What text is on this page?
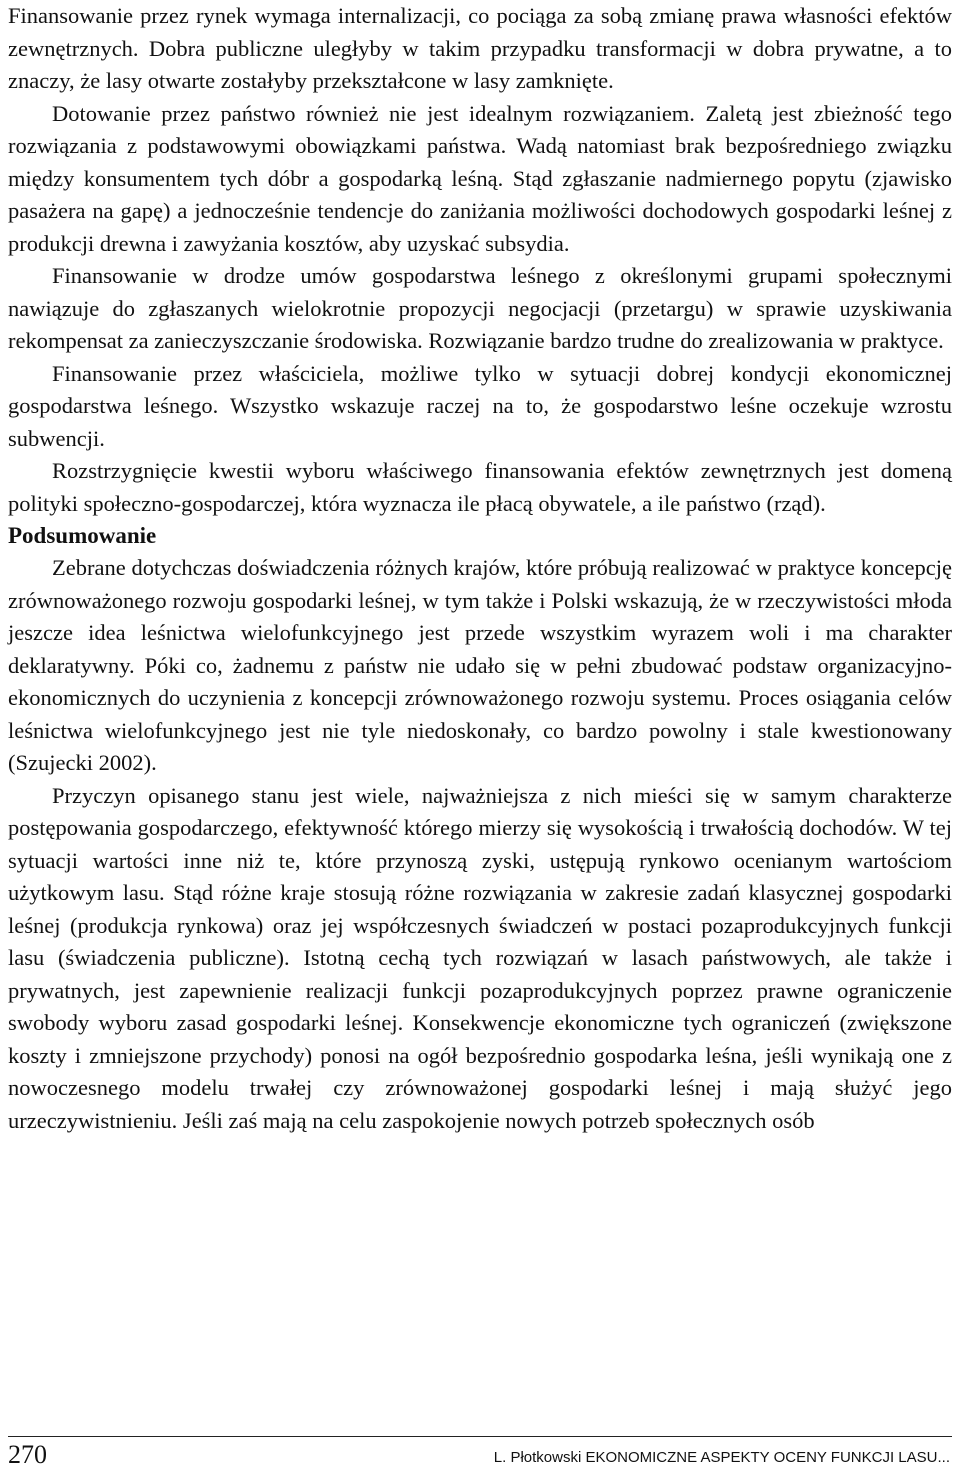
Finansowanie przez rynek wymaga internalizacji, co pociąga za sobą zmianę prawa własności efektów zewnętrznych. Dobra publiczne uległyby w takim przypadku transformacji w dobra prywatne, a to znaczy, że lasy otwarte zostałyby przekształcone w lasy zamknięte.

Dotowanie przez państwo również nie jest idealnym rozwiązaniem. Zaletą jest zbieżność tego rozwiązania z podstawowymi obowiązkami państwa. Wadą natomiast brak bezpośredniego związku między konsumentem tych dóbr a gospodarką leśną. Stąd zgłaszanie nadmiernego popytu (zjawisko pasażera na gapę) a jednocześnie tendencje do zaniżania możliwości dochodowych gospodarki leśnej z produkcji drewna i zawyżania kosztów, aby uzyskać subsydia.

Finansowanie w drodze umów gospodarstwa leśnego z określonymi grupami społecznymi nawiązuje do zgłaszanych wielokrotnie propozycji negocjacji (przetargu) w sprawie uzyskiwania rekompensat za zanieczyszczanie środowiska. Rozwiązanie bardzo trudne do zrealizowania w praktyce.

Finansowanie przez właściciela, możliwe tylko w sytuacji dobrej kondycji ekonomicznej gospodarstwa leśnego. Wszystko wskazuje raczej na to, że gospodarstwo leśne oczekuje wzrostu subwencji.

Rozstrzygnięcie kwestii wyboru właściwego finansowania efektów zewnętrznych jest domeną polityki społeczno-gospodarczej, która wyznacza ile płacą obywatele, a ile państwo (rząd).

Podsumowanie

Zebrane dotychczas doświadczenia różnych krajów, które próbują realizować w praktyce koncepcję zrównoważonego rozwoju gospodarki leśnej, w tym także i Polski wskazują, że w rzeczywistości młoda jeszcze idea leśnictwa wielofunkcyjnego jest przede wszystkim wyrazem woli i ma charakter deklaratywny. Póki co, żadnemu z państw nie udało się w pełni zbudować podstaw organizacyjno-ekonomicznych do uczynienia z koncepcji zrównoważonego rozwoju systemu. Proces osiągania celów leśnictwa wielofunkcyjnego jest nie tyle niedoskonały, co bardzo powolny i stale kwestionowany (Szujecki 2002).

Przyczyn opisanego stanu jest wiele, najważniejsza z nich mieści się w samym charakterze postępowania gospodarczego, efektywność którego mierzy się wysokością i trwałością dochodów. W tej sytuacji wartości inne niż te, które przynoszą zyski, ustępują rynkowo ocenianym wartościom użytkowym lasu. Stąd różne kraje stosują różne rozwiązania w zakresie zadań klasycznej gospodarki leśnej (produkcja rynkowa) oraz jej współczesnych świadczeń w postaci pozaprodukcyjnych funkcji lasu (świadczenia publiczne). Istotną cechą tych rozwiązań w lasach państwowych, ale także i prywatnych, jest zapewnienie realizacji funkcji pozaprodukcyjnych poprzez prawne ograniczenie swobody wyboru zasad gospodarki leśnej. Konsekwencje ekonomiczne tych ograniczeń (zwiększone koszty i zmniejszone przychody) ponosi na ogół bezpośrednio gospodarka leśna, jeśli wynikają one z nowoczesnego modelu trwałej czy zrównoważonej gospodarki leśnej i mają służyć jego urzeczywistnieniu. Jeśli zaś mają na celu zaspokojenie nowych potrzeb społecznych osób

270	L. Płotkowski EKONOMICZNE ASPEKTY OCENY FUNKCJI LASU...
